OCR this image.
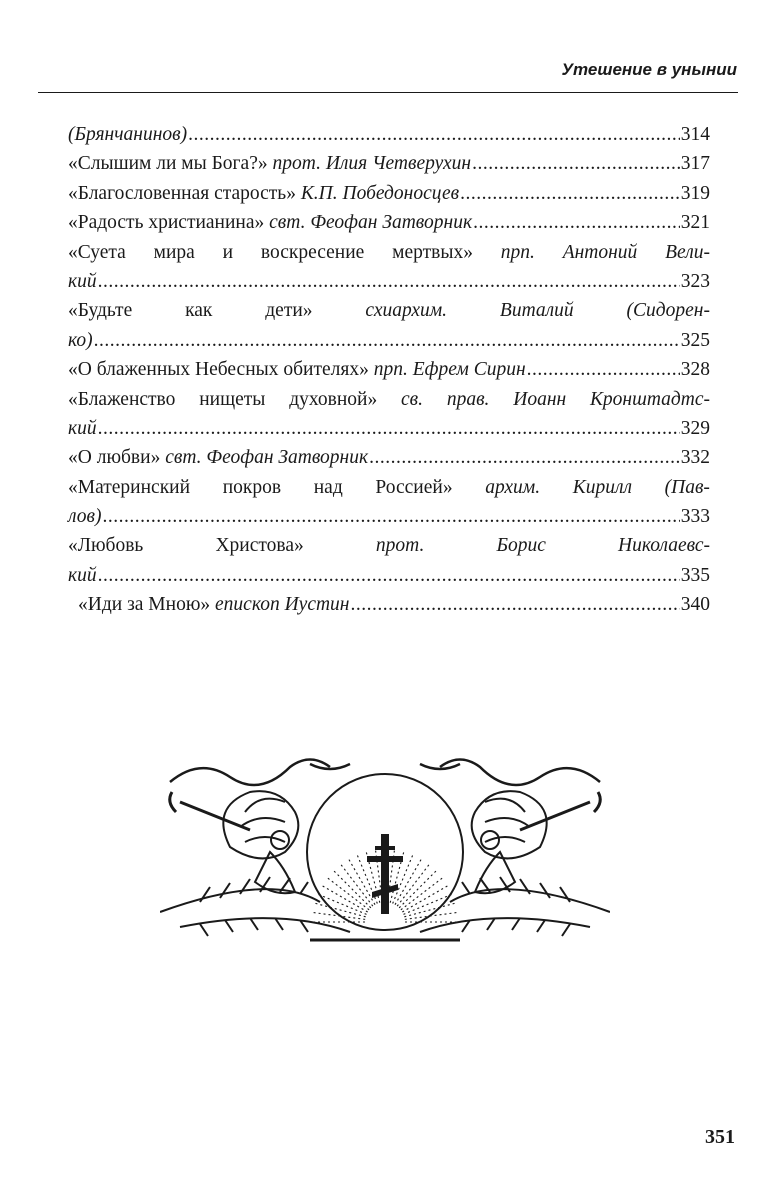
Утешение в унынии
(Брянчанинов) .....	314
«Слышим ли мы Бога?»
прот. Илия Четверухин .....	317
«Благословенная старость»
К.П. Победоносцев .....	319
«Радость христианина»
свт. Феофан Затворник .....	321
«Суета мира и воскресение мертвых» прп. Антоний Вели-
кий .....	323
«Будьте	как	дети»	схиархим.	Виталий	(Сидорен-
ко) .....	325
«О блаженных Небесных обителях»
прп. Ефрем Сирин .....	328
«Блаженство нищеты духовной» св. прав. Иоанн Кронштадтс-
кий .....	329
«О любви»
свт. Феофан Затворник .....	332
«Материнский покров над Россией» архим. Кирилл (Пав-
лов) .....	333
«Любовь	Христова»	прот.	Борис	Николаевс-
кий .....	335
«Иди за Мною»
епископ Иустин .....	340
351
